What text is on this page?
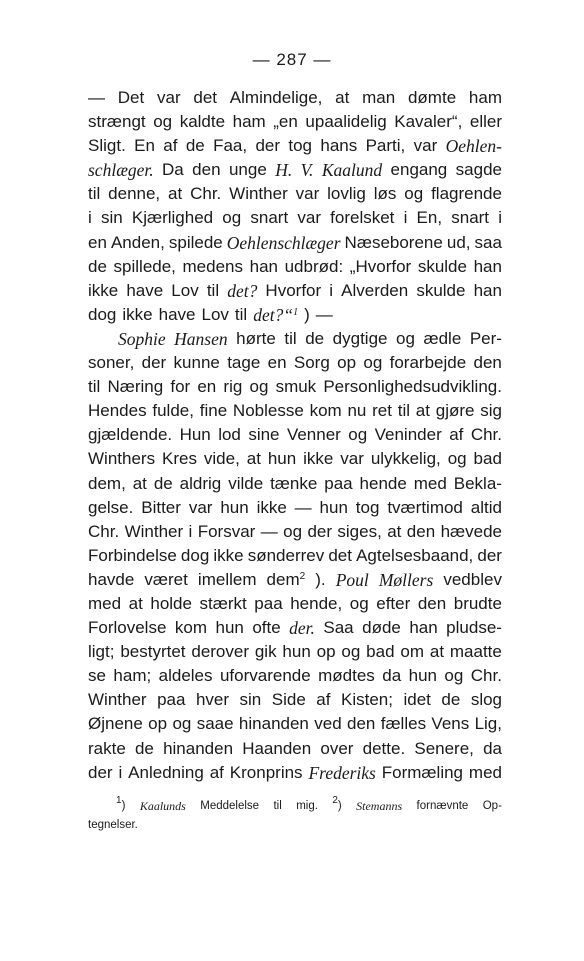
— 287 —
— Det var det Almindelige, at man dømte ham
strængt og kaldte ham „en upaalidelig Kavaler“, eller
Sligt. En af de Faa, der tog hans Parti, var Oehlen-
schlæger. Da den unge H. V. Kaalund engang sagde
til denne, at Chr. Winther var lovlig løs og flagrende
i sin Kjærlighed og snart var forelsket i En, snart i
en Anden, spilede Oehlenschlæger Næseborene ud, saa
de spillede, medens han udbrød: „Hvorfor skulde han
ikke have Lov til det? Hvorfor i Alverden skulde han
dog ikke have Lov til det?“$^1$ ) —
Sophie Hansen hørte til de dygtige og ædle Per-
soner, der kunne tage en Sorg op og forarbejde den
til Næring for en rig og smuk Personlighedsudvikling.
Hendes fulde, fine Noblesse kom nu ret til at gjøre sig
gjældende. Hun lod sine Venner og Veninder af Chr.
Winthers Kres vide, at hun ikke var ulykkelig, og bad
dem, at de aldrig vilde tænke paa hende med Bekla-
gelse. Bitter var hun ikke — hun tog tværtimod altid
Chr. Winther i Forsvar — og der siges, at den hævede
Forbindelse dog ikke sønderrev det Agtelsesbaand, der
havde været imellem dem$^2$ ). Poul Møllers vedblev
med at holde stærkt paa hende, og efter den brudte
Forlovelse kom hun ofte der. Saa døde han pludse-
ligt; bestyrtet derover gik hun op og bad om at maatte
se ham; aldeles uforvarende mødtes da hun og Chr.
Winther paa hver sin Side af Kisten; idet de slog
Øjnene op og saae hinanden ved den fælles Vens Lig,
rakte de hinanden Haanden over dette. Senere, da
der i Anledning af Kronprins Frederiks Formæling med
$^1$) Kaalunds Meddelelse til mig. $^2$) Stemanns fornævnte Op-
tegnelser.
